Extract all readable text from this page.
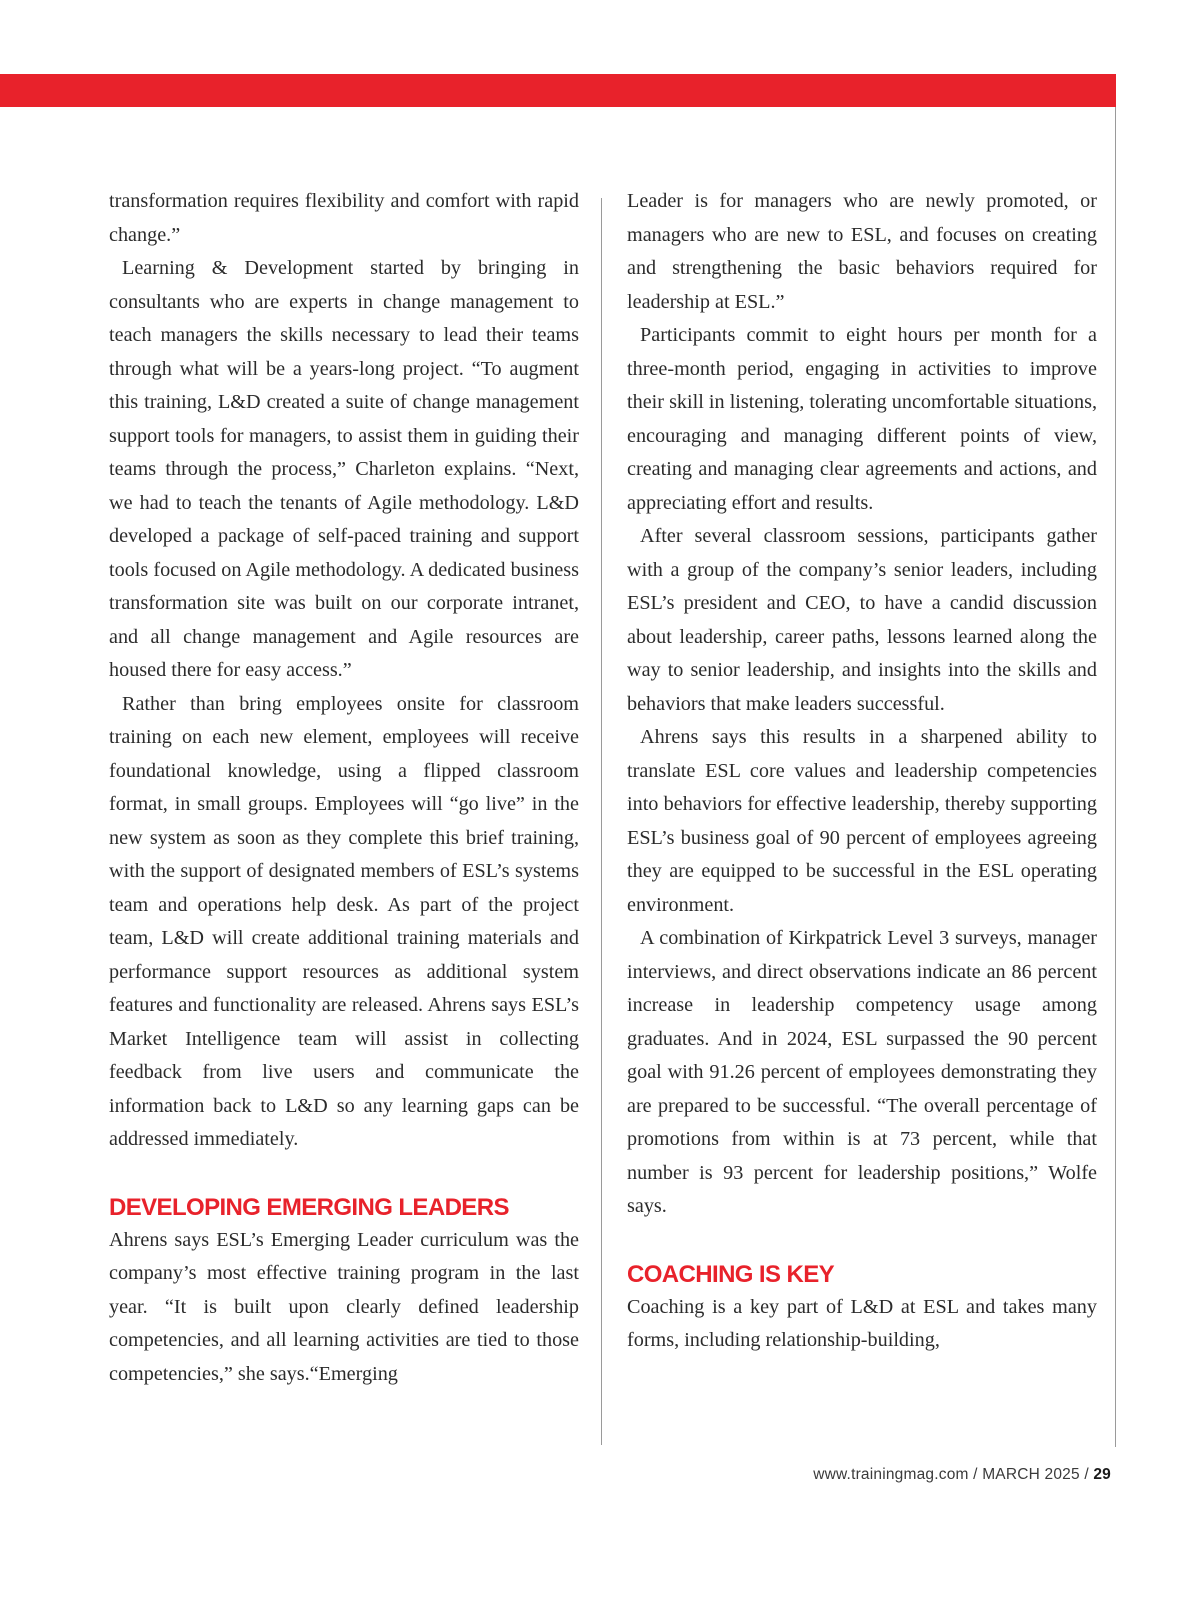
transformation requires flexibility and comfort with rapid change.”

Learning & Development started by bringing in consultants who are experts in change management to teach managers the skills necessary to lead their teams through what will be a years-long project. “To augment this training, L&D created a suite of change management support tools for managers, to assist them in guiding their teams through the process,” Charleton explains. “Next, we had to teach the tenants of Agile methodology. L&D developed a package of self-paced training and support tools focused on Agile methodology. A dedicated business transformation site was built on our corporate intranet, and all change management and Agile resources are housed there for easy access.”

Rather than bring employees onsite for classroom training on each new element, employees will receive foundational knowledge, using a flipped classroom format, in small groups. Employees will “go live” in the new system as soon as they complete this brief training, with the support of designated members of ESL’s systems team and operations help desk. As part of the project team, L&D will create additional training materials and performance support resources as additional system features and functionality are released. Ahrens says ESL’s Market Intelligence team will assist in collecting feedback from live users and communicate the information back to L&D so any learning gaps can be addressed immediately.

DEVELOPING EMERGING LEADERS

Ahrens says ESL’s Emerging Leader curriculum was the company’s most effective training program in the last year. “It is built upon clearly defined leadership competencies, and all learning activities are tied to those competencies,” she says.“Emerging

Leader is for managers who are newly promoted, or managers who are new to ESL, and focuses on creating and strengthening the basic behaviors required for leadership at ESL.”

Participants commit to eight hours per month for a three-month period, engaging in activities to improve their skill in listening, tolerating uncomfortable situations, encouraging and managing different points of view, creating and managing clear agreements and actions, and appreciating effort and results.

After several classroom sessions, participants gather with a group of the company’s senior leaders, including ESL’s president and CEO, to have a candid discussion about leadership, career paths, lessons learned along the way to senior leadership, and insights into the skills and behaviors that make leaders successful.

Ahrens says this results in a sharpened ability to translate ESL core values and leadership competencies into behaviors for effective leadership, thereby supporting ESL’s business goal of 90 percent of employees agreeing they are equipped to be successful in the ESL operating environment.

A combination of Kirkpatrick Level 3 surveys, manager interviews, and direct observations indicate an 86 percent increase in leadership competency usage among graduates. And in 2024, ESL surpassed the 90 percent goal with 91.26 percent of employees demonstrating they are prepared to be successful. “The overall percentage of promotions from within is at 73 percent, while that number is 93 percent for leadership positions,” Wolfe says.

COACHING IS KEY

Coaching is a key part of L&D at ESL and takes many forms, including relationship-building,

www.trainingmag.com / MARCH 2025 / 29
